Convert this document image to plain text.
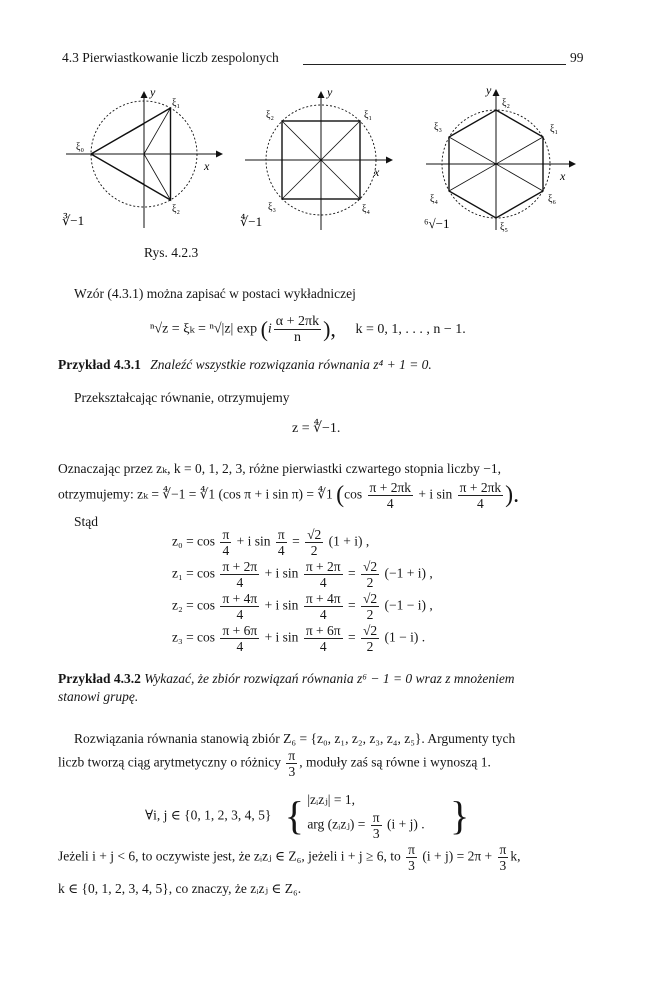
4.3 Pierwiastkowanie liczb zespolonych	99
y
ξ₁
ξ₀
ξ₂
x
∛−1
y
ξ₂	ξ₁
ξ₃	ξ₄
x
∜−1
y
ξ₂
ξ₃	ξ₁
ξ₄	ξ₆
ξ₅
x
⁶√−1
Rys. 4.2.3
Wzór (4.3.1) można zapisać w postaci wykładniczej
ⁿ√z = ξₖ = ⁿ√|z| $\exp (i \frac{\alpha + 2\pi k}{n}$ ), k = 0, 1, . . . , n − 1.
Przykład 4.3.1 Znaleźć wszystkie rozwiązania równania z⁴ + 1 = 0.
Przekształcając równanie, otrzymujemy
z = ∜−1.
Oznaczając przez zₖ, k = 0, 1, 2, 3, różne pierwiastki czwartego stopnia liczby −1,
otrzymujemy: zₖ = ∜−1 = ∜1 (cos π + i sin π) = ∜1 ($\cos \frac{\pi + 2\pi k}{4} + i$ $\sin \frac{\pi + 2\pi k}{4}$ ).
Stąd
$z_0 = \cos \frac{\pi}{4} + i$ $\sin \frac{\pi}{4} = \frac{√2}{2} (1 + i)$ ,
$z_1 = \cos \frac{\pi + 2\pi}{4} + i$ $\sin \frac{\pi + 2\pi}{4} = \frac{√2}{2} (-1 + i)$ ,
$z_2 = \cos \frac{\pi + 4\pi}{4} + i$ $\sin \frac{\pi + 4\pi}{4} = \frac{√2}{2} (-1 - i)$ ,
$z_3 = \cos \frac{\pi + 6\pi}{4} + i$ $\sin \frac{\pi + 6\pi}{4} = \frac{√2}{2} (1 - i)$ .
Przykład 4.3.2 Wykazać, że zbiór rozwiązań równania z⁶ − 1 = 0 wraz z mnożeniem
stanowi grupę.
Rozwiązania równania stanowią zbiór Z₆ = {z₀, z₁, z₂, z₃, z₄, z₅}. Argumenty tych
liczb tworzą ciąg arytmetyczny o różnicy $\frac{\pi}{3}$ , moduły zaś są równe i wynoszą 1.
∀i, j ∈ {0, 1, 2, 3, 4, 5} { |zᵢzⱼ| = 1,
arg (zᵢzⱼ) = $\frac{\pi}{3} (i + j)$ . }
Jeżeli i + j < 6, to oczywiste jest, że zᵢzⱼ ∈ Z₆, jeżeli i + j ≥ 6, to $\frac{\pi}{3} (i + j) = 2\pi + \frac{\pi}{3} k$,
k ∈ {0, 1, 2, 3, 4, 5}, co znaczy, że zᵢzⱼ ∈ Z₆.
